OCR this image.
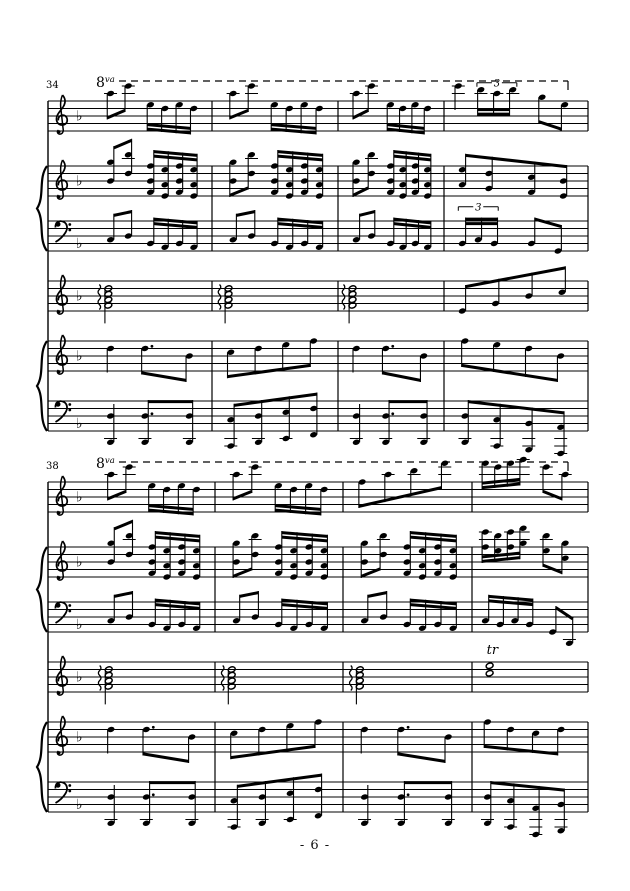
♭
♭
♭
♭
♭
♭
34	$8^{va}$	3
3
♭
♭
♭
♭
♭
♭
38	$8^{va}$
tr
- 6 -
